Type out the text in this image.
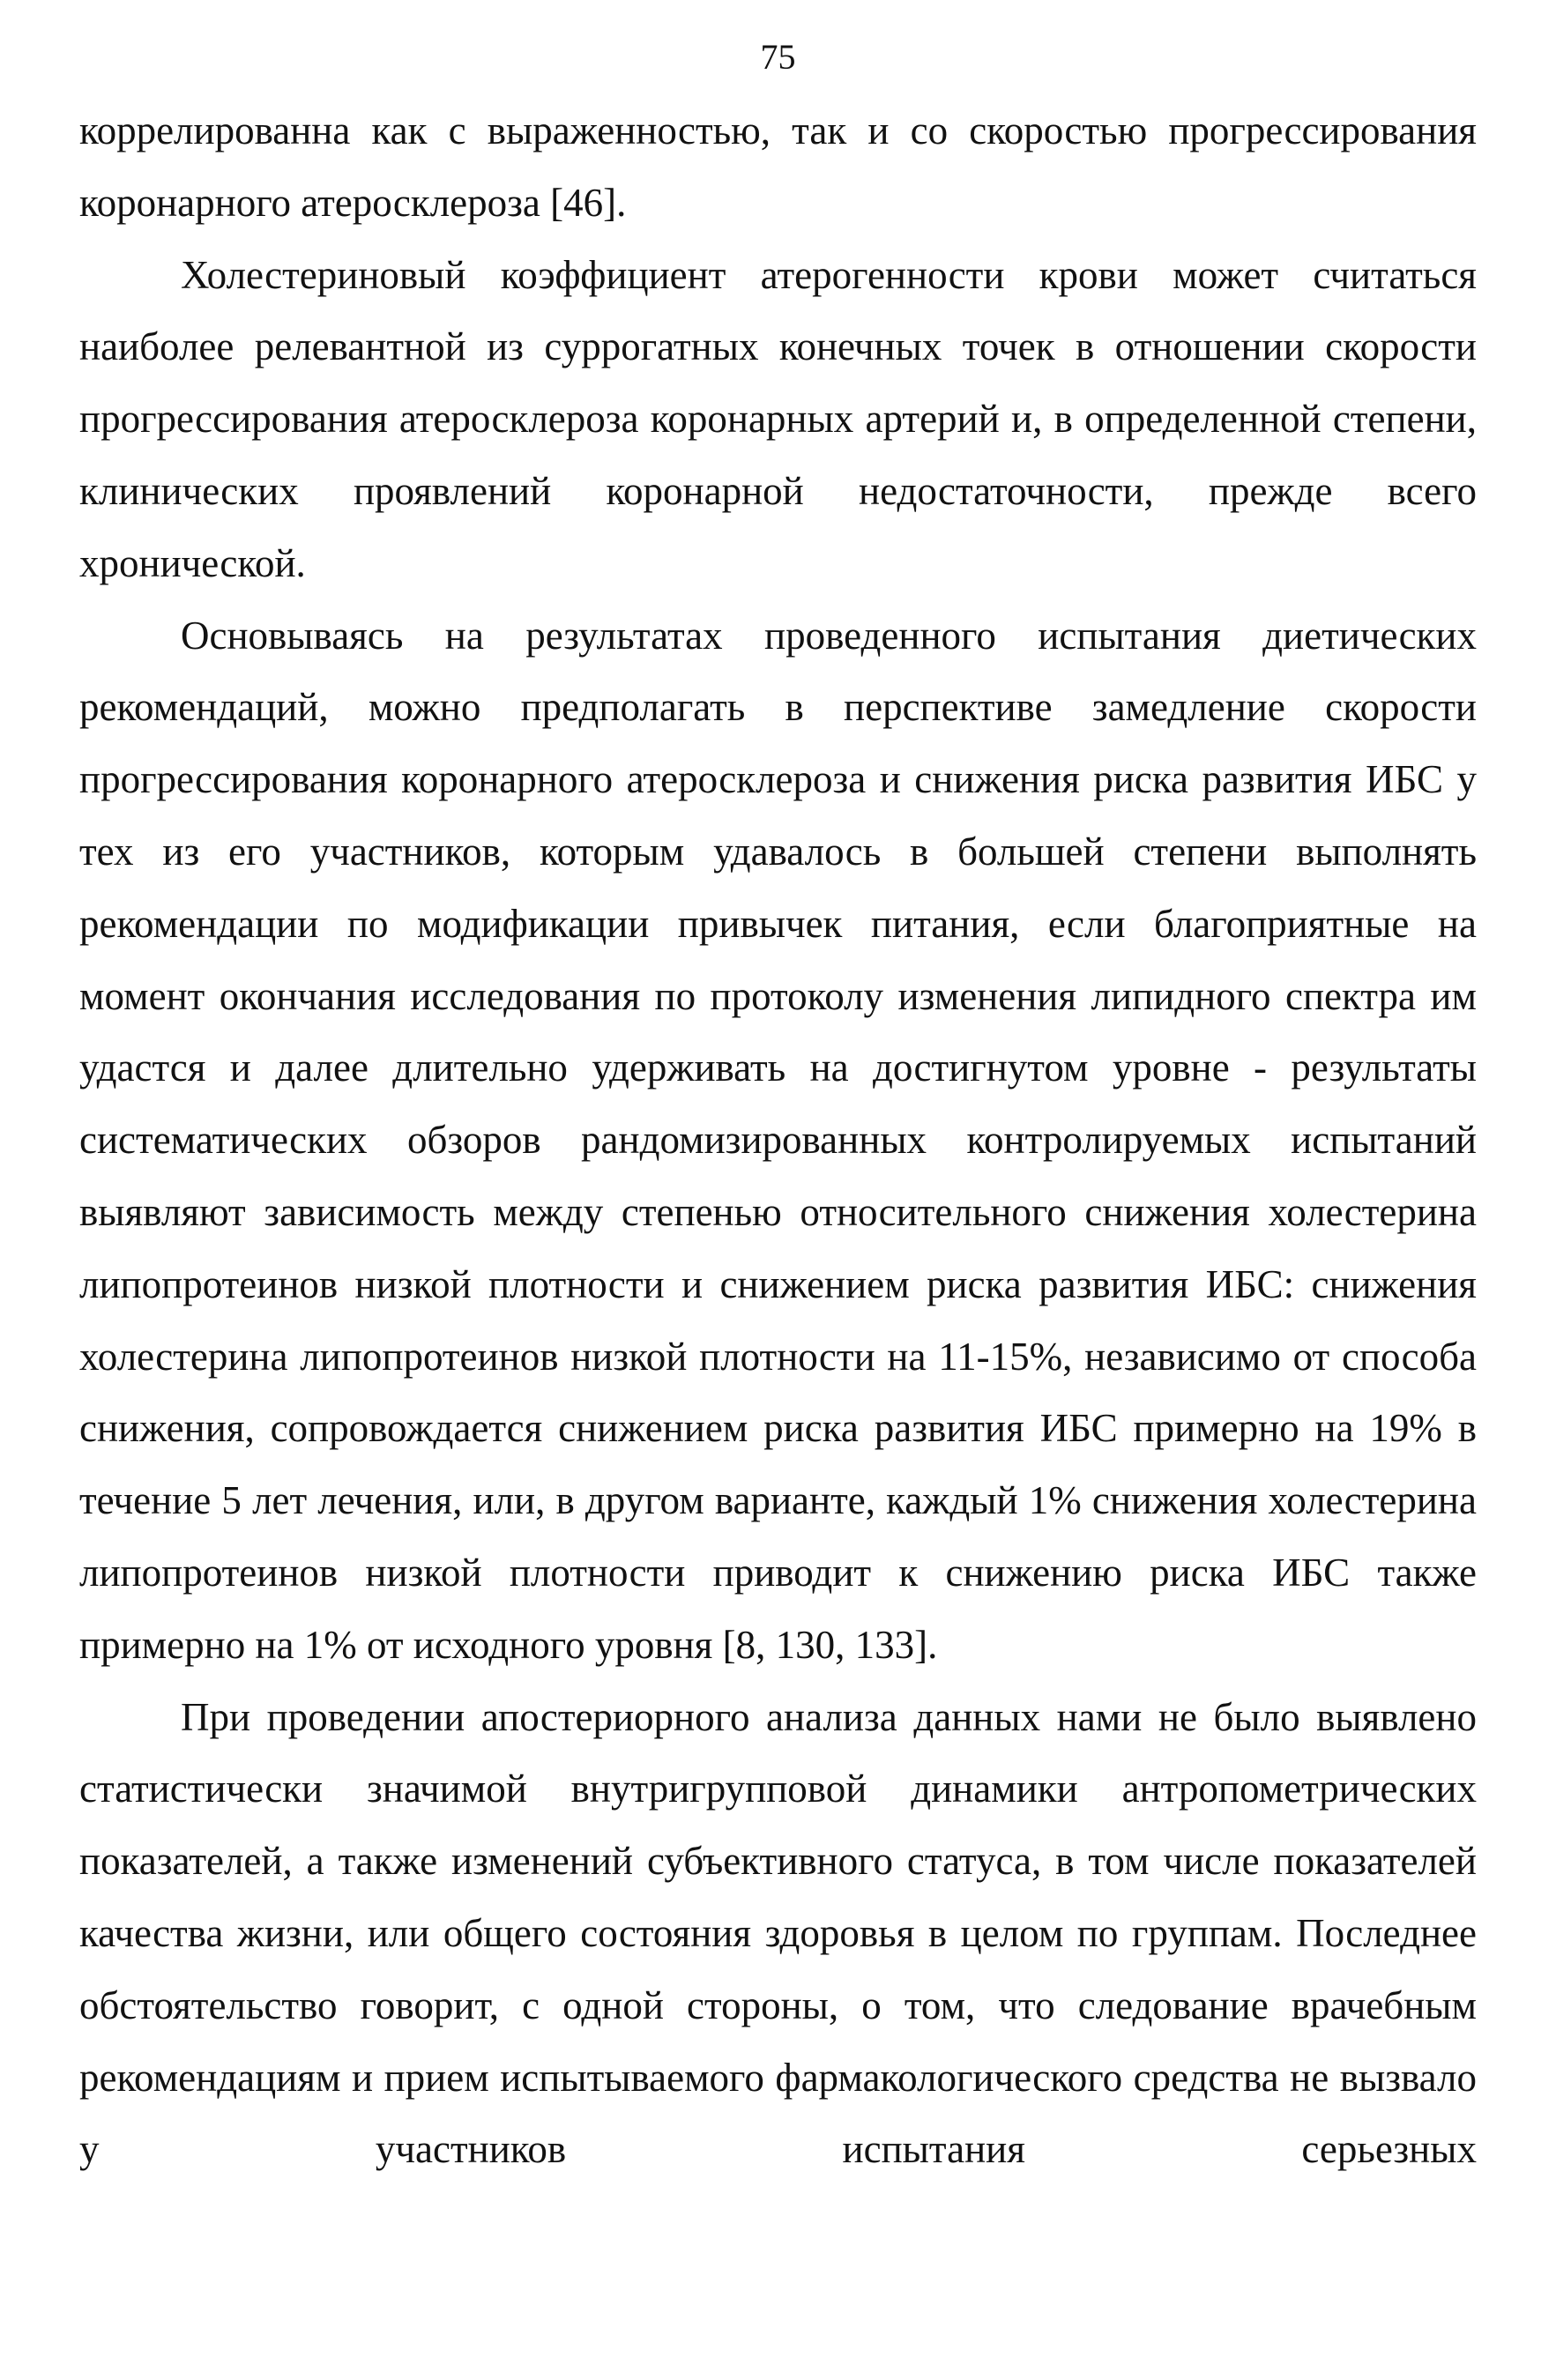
75

коррелированна как с выраженностью, так и со скоростью прогрессирования коронарного атеросклероза [46].

Холестериновый коэффициент атерогенности крови может считаться наиболее релевантной из суррогатных конечных точек в отношении скорости прогрессирования атеросклероза коронарных артерий и, в определенной степени, клинических проявлений коронарной недостаточности, прежде всего хронической.

Основываясь на результатах проведенного испытания диетических рекомендаций, можно предполагать в перспективе замедление скорости прогрессирования коронарного атеросклероза и снижения риска развития ИБС у тех из его участников, которым удавалось в большей степени выполнять рекомендации по модификации привычек питания, если благоприятные на момент окончания исследования по протоколу изменения липидного спектра им удастся и далее длительно удерживать на достигнутом уровне - результаты систематических обзоров рандомизированных контролируемых испытаний выявляют зависимость между степенью относительного снижения холестерина липопротеинов низкой плотности и снижением риска развития ИБС: снижения холестерина липопротеинов низкой плотности на 11-15%, независимо от способа снижения, сопровождается снижением риска развития ИБС примерно на 19% в течение 5 лет лечения, или, в другом варианте, каждый 1% снижения холестерина липопротеинов низкой плотности приводит к снижению риска ИБС также примерно на 1% от исходного уровня [8, 130, 133].

При проведении апостериорного анализа данных нами не было выявлено статистически значимой внутригрупповой динамики антропометрических показателей, а также изменений субъективного статуса, в том числе показателей качества жизни, или общего состояния здоровья в целом по группам. Последнее обстоятельство говорит, с одной стороны, о том, что следование врачебным рекомендациям и прием испытываемого фармакологического средства не вызвало у участников испытания серьезных
